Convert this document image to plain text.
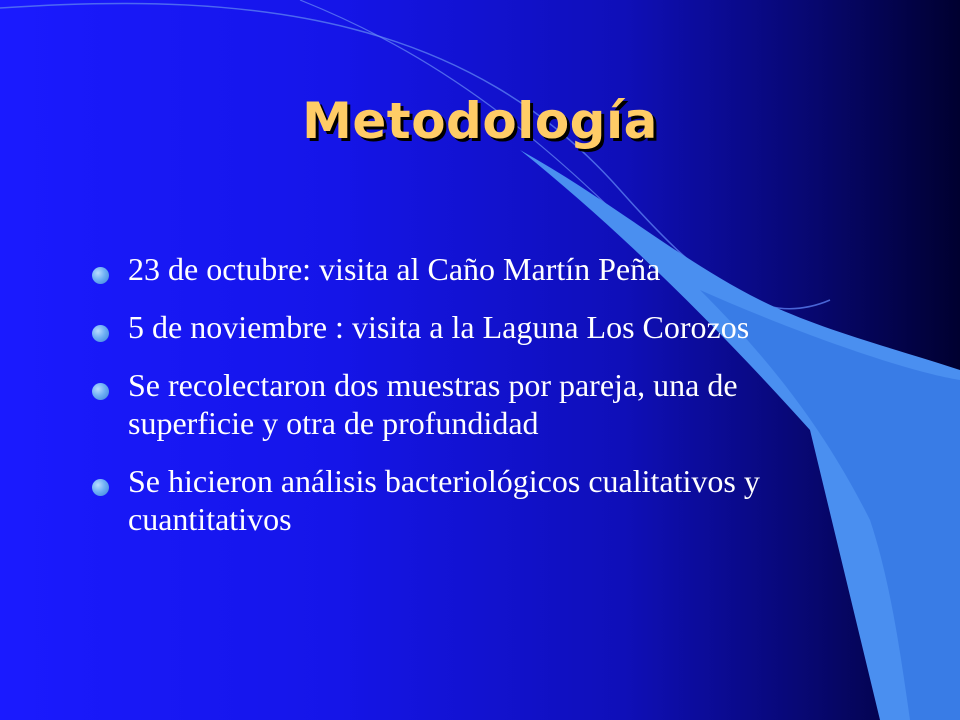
Metodología
23 de octubre: visita al Caño Martín Peña
5 de noviembre : visita a la Laguna Los Corozos
Se recolectaron dos muestras por pareja, una de superficie y otra de profundidad
Se hicieron análisis bacteriológicos cualitativos y cuantitativos
